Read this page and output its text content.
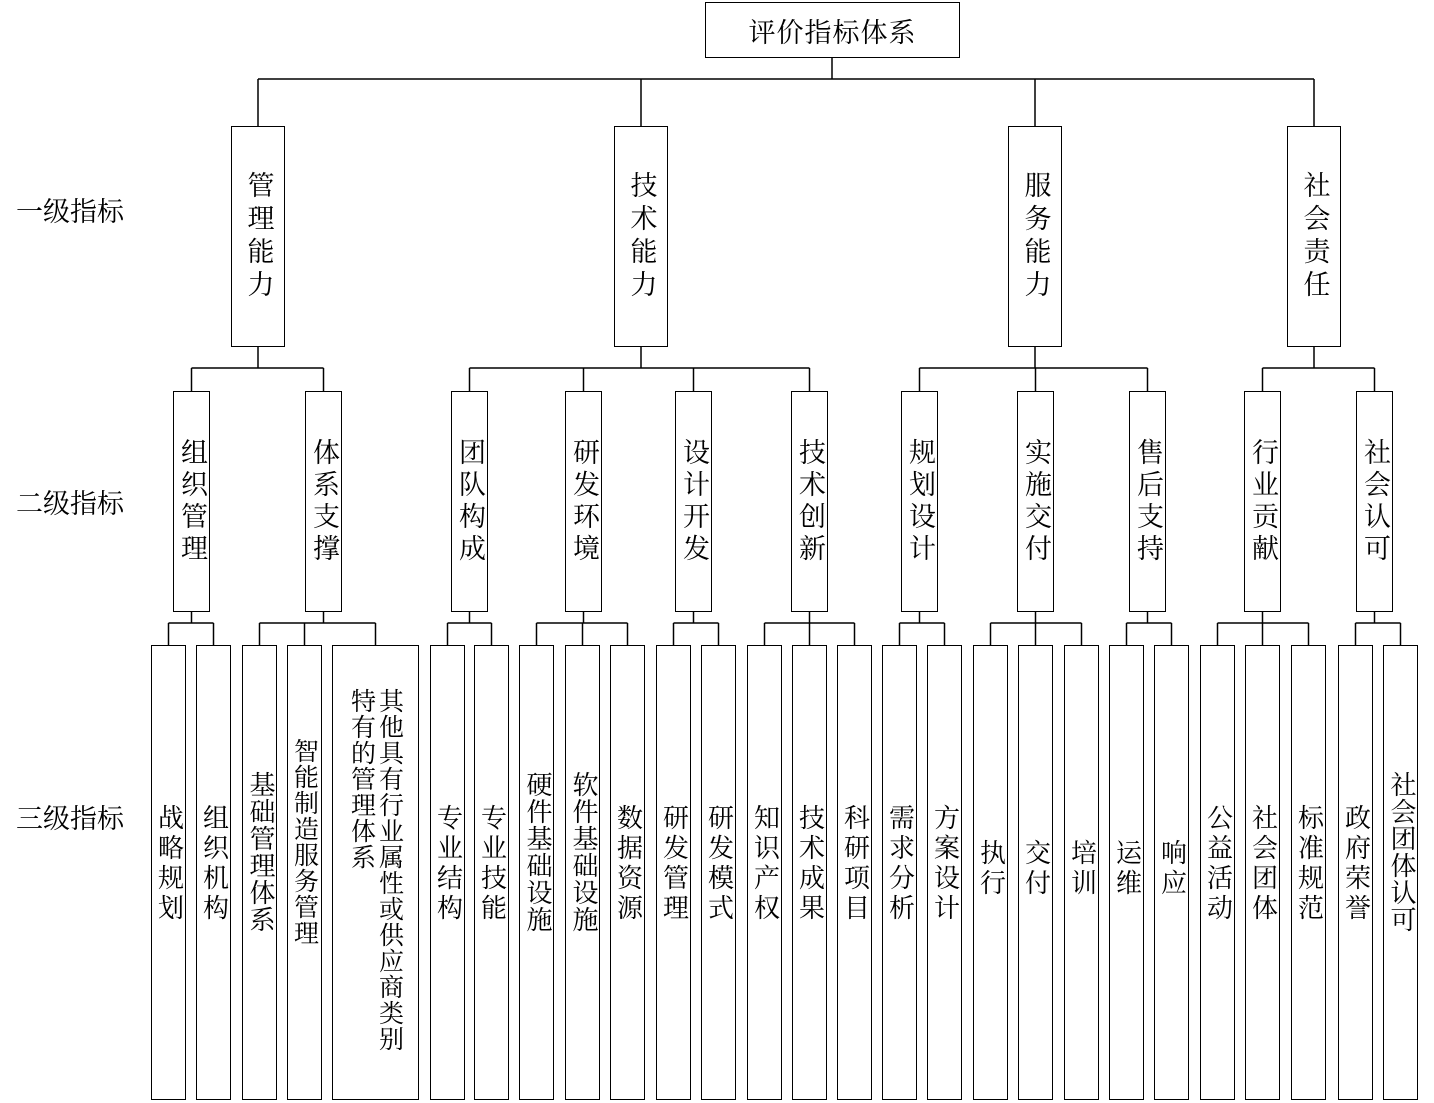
一级指标
二级指标
三级指标
评价指标体系
管理能力
组织管理
战略规划 组织机构
体系支撑
基础管理体系 智能制造服务管理	其他具有行业属性或供应商类别特有的管理体系
技术能力
团队构成
专业结构 专业技能
研发环境
硬件基础设施 软件基础设施 数据资源
设计开发
研发管理 研发模式
技术创新
知识产权 技术成果 科研项目
服务能力
规划设计
需求分析 方案设计
实施交付
执行 交付 培训
售后支持
运维 响应
社会责任
行业贡献
公益活动 社会团体 标准规范
社会认可
政府荣誉 社会团体认可
